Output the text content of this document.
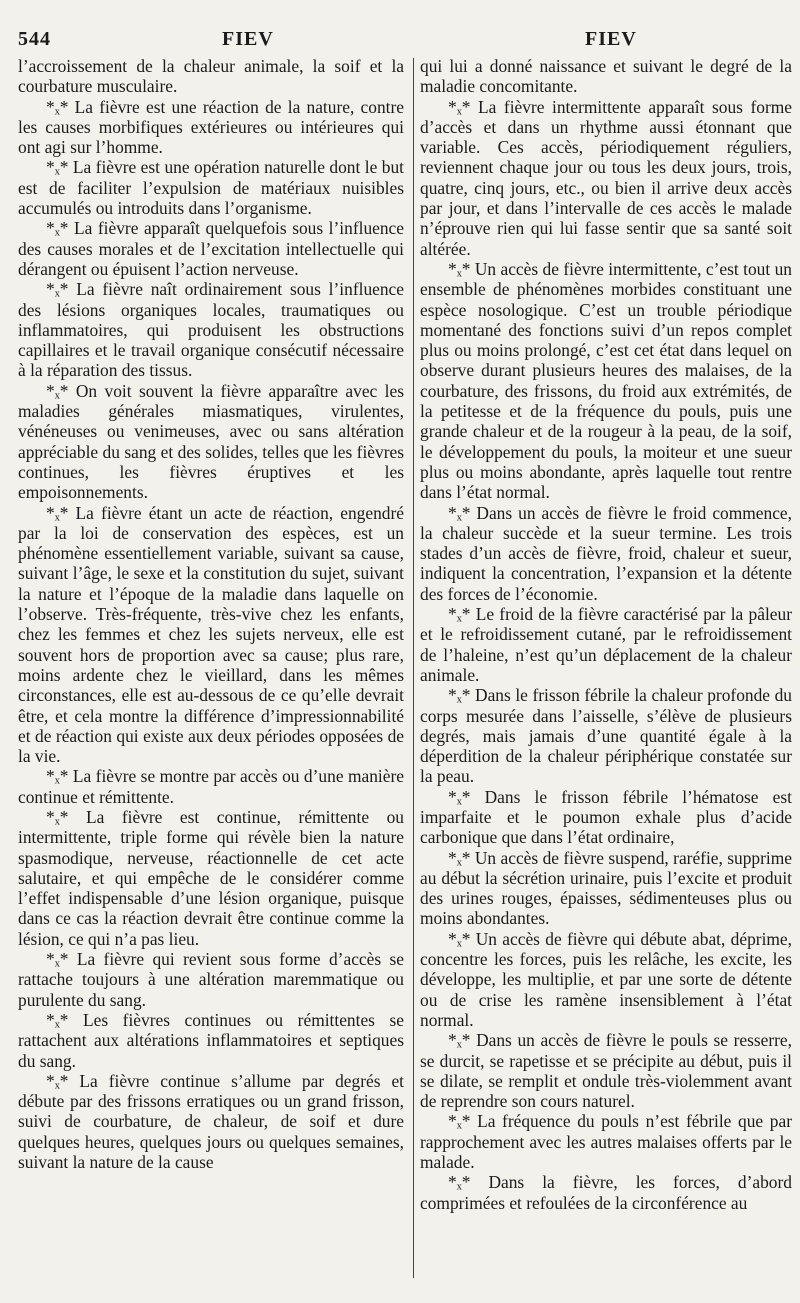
544	FIEV	FIEV

l’accroissement de la chaleur animale, la soif et la courbature musculaire.

*ₓ* La fièvre est une réaction de la nature, contre les causes morbifiques extérieures ou intérieures qui ont agi sur l’homme.

*ₓ* La fièvre est une opération naturelle dont le but est de faciliter l’expulsion de matériaux nuisibles accumulés ou introduits dans l’organisme.

*ₓ* La fièvre apparaît quelquefois sous l’influence des causes morales et de l’excitation intellectuelle qui dérangent ou épuisent l’action nerveuse.

*ₓ* La fièvre naît ordinairement sous l’influence des lésions organiques locales, traumatiques ou inflammatoires, qui produisent les obstructions capillaires et le travail organique consécutif nécessaire à la réparation des tissus.

*ₓ* On voit souvent la fièvre apparaître avec les maladies générales miasmatiques, virulentes, vénéneuses ou venimeuses, avec ou sans altération appréciable du sang et des solides, telles que les fièvres continues, les fièvres éruptives et les empoisonnements.

*ₓ* La fièvre étant un acte de réaction, engendré par la loi de conservation des espèces, est un phénomène essentiellement variable, suivant sa cause, suivant l’âge, le sexe et la constitution du sujet, suivant la nature et l’époque de la maladie dans laquelle on l’observe. Très-fréquente, très-vive chez les enfants, chez les femmes et chez les sujets nerveux, elle est souvent hors de proportion avec sa cause; plus rare, moins ardente chez le vieillard, dans les mêmes circonstances, elle est au-dessous de ce qu’elle devrait être, et cela montre la différence d’impressionnabilité et de réaction qui existe aux deux périodes opposées de la vie.

*ₓ* La fièvre se montre par accès ou d’une manière continue et rémittente.

*ₓ* La fièvre est continue, rémittente ou intermittente, triple forme qui révèle bien la nature spasmodique, nerveuse, réactionnelle de cet acte salutaire, et qui empêche de le considérer comme l’effet indispensable d’une lésion organique, puisque dans ce cas la réaction devrait être continue comme la lésion, ce qui n’a pas lieu.

*ₓ* La fièvre qui revient sous forme d’accès se rattache toujours à une altération maremmatique ou purulente du sang.

*ₓ* Les fièvres continues ou rémittentes se rattachent aux altérations inflammatoires et septiques du sang.

*ₓ* La fièvre continue s’allume par degrés et débute par des frissons erratiques ou un grand frisson, suivi de courbature, de chaleur, de soif et dure quelques heures, quelques jours ou quelques semaines, suivant la nature de la cause

qui lui a donné naissance et suivant le degré de la maladie concomitante.

*ₓ* La fièvre intermittente apparaît sous forme d’accès et dans un rhythme aussi étonnant que variable. Ces accès, périodiquement réguliers, reviennent chaque jour ou tous les deux jours, trois, quatre, cinq jours, etc., ou bien il arrive deux accès par jour, et dans l’intervalle de ces accès le malade n’éprouve rien qui lui fasse sentir que sa santé soit altérée.

*ₓ* Un accès de fièvre intermittente, c’est tout un ensemble de phénomènes morbides constituant une espèce nosologique. C’est un trouble périodique momentané des fonctions suivi d’un repos complet plus ou moins prolongé, c’est cet état dans lequel on observe durant plusieurs heures des malaises, de la courbature, des frissons, du froid aux extrémités, de la petitesse et de la fréquence du pouls, puis une grande chaleur et de la rougeur à la peau, de la soif, le développement du pouls, la moiteur et une sueur plus ou moins abondante, après laquelle tout rentre dans l’état normal.

*ₓ* Dans un accès de fièvre le froid commence, la chaleur succède et la sueur termine. Les trois stades d’un accès de fièvre, froid, chaleur et sueur, indiquent la concentration, l’expansion et la détente des forces de l’économie.

*ₓ* Le froid de la fièvre caractérisé par la pâleur et le refroidissement cutané, par le refroidissement de l’haleine, n’est qu’un déplacement de la chaleur animale.

*ₓ* Dans le frisson fébrile la chaleur profonde du corps mesurée dans l’aisselle, s’élève de plusieurs degrés, mais jamais d’une quantité égale à la déperdition de la chaleur périphérique constatée sur la peau.

*ₓ* Dans le frisson fébrile l’hématose est imparfaite et le poumon exhale plus d’acide carbonique que dans l’état ordinaire,

*ₓ* Un accès de fièvre suspend, raréfie, supprime au début la sécrétion urinaire, puis l’excite et produit des urines rouges, épaisses, sédimenteuses plus ou moins abondantes.

*ₓ* Un accès de fièvre qui débute abat, déprime, concentre les forces, puis les relâche, les excite, les développe, les multiplie, et par une sorte de détente ou de crise les ramène insensiblement à l’état normal.

*ₓ* Dans un accès de fièvre le pouls se resserre, se durcit, se rapetisse et se précipite au début, puis il se dilate, se remplit et ondule très-violemment avant de reprendre son cours naturel.

*ₓ* La fréquence du pouls n’est fébrile que par rapprochement avec les autres malaises offerts par le malade.

*ₓ* Dans la fièvre, les forces, d’abord comprimées et refoulées de la circonférence au
